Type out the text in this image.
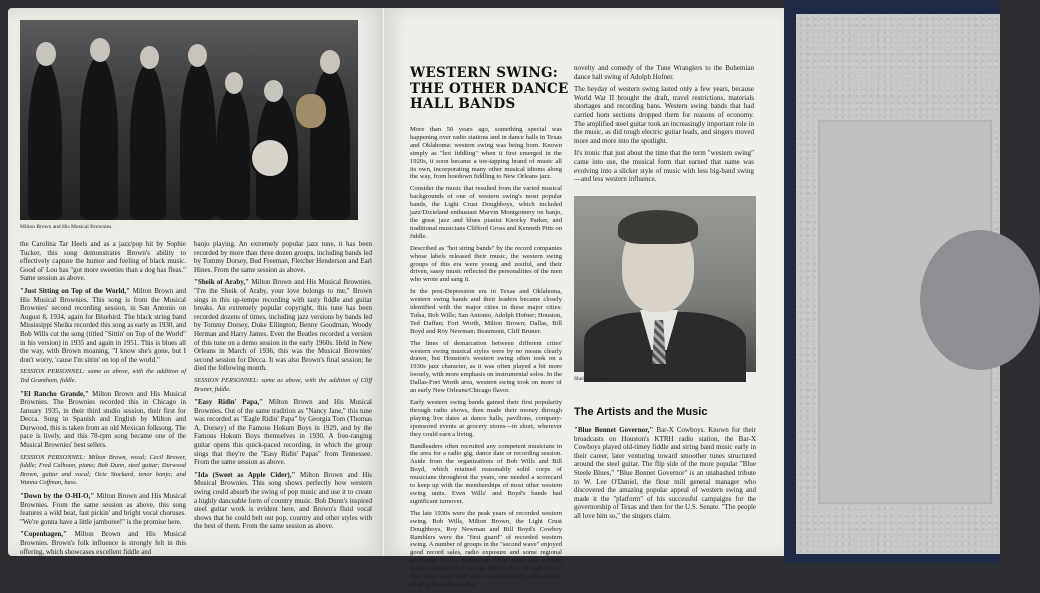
Milton Brown and His Musical Brownies.

the Carolina Tar Heels and as a jazz/pop hit by Sophie Tucker, this song demonstrates Brown's ability to effectively capture the humor and feeling of black music. Good ol' Lou has "got more sweeties than a dog has fleas." Same session as above.

"Just Sitting on Top of the World," Milton Brown and His Musical Brownies. This song is from the Musical Brownies' second recording session, in San Antonio on August 8, 1934, again for Bluebird. The black string band Mississippi Sheiks recorded this song as early as 1930, and Bob Wills cut the song (titled "Sittin' on Top of the World" in his version) in 1935 and again in 1951. This is blues all the way, with Brown moaning, "I know she's gone, but I don't worry, 'cause I'm sittin' on top of the world."

SESSION PERSONNEL: same as above, with the addition of Ted Grantham, fiddle.

"El Rancho Grande," Milton Brown and His Musical Brownies. The Brownies recorded this in Chicago in January 1935, in their third studio session, their first for Decca. Sung in Spanish and English by Milton and Durwood, this is taken from an old Mexican folksong. The pace is lively, and this 78-rpm song became one of the Musical Brownies' best sellers.

SESSION PERSONNEL: Milton Brown, vocal; Cecil Brower, fiddle; Fred Calhoun, piano; Bob Dunn, steel guitar; Durwood Brown, guitar and vocal; Ocie Stockard, tenor banjo; and Wanna Coffman, bass.

"Down by the O-HI-O," Milton Brown and His Musical Brownies. From the same session as above, this song features a wild beat, fast pickin' and bright vocal choruses. "We're gonna have a little jamboree!" is the promise here.

"Copenhagen," Milton Brown and His Musical Brownies. Brown's folk influence is strongly felt in this offering, which showcases excellent fiddle and

banjo playing. An extremely popular jazz tune, it has been recorded by more than three dozen groups, including bands led by Tommy Dorsey, Bud Freeman, Fletcher Henderson and Earl Hines. From the same session as above.

"Sheik of Araby," Milton Brown and His Musical Brownies. "I'm the Sheik of Araby, your love belongs to me," Brown sings in this up-tempo recording with tasty fiddle and guitar breaks. An extremely popular copyright, this tune has been recorded dozens of times, including jazz versions by bands led by Tommy Dorsey, Duke Ellington, Benny Goodman, Woody Herman and Harry James. Even the Beatles recorded a version of this tune on a demo session in the early 1960s. Held in New Orleans in March of 1936, this was the Musical Brownies' second session for Decca. It was also Brown's final session; he died the following month.

SESSION PERSONNEL: same as above, with the addition of Cliff Bruner, fiddle.

"Easy Ridin' Papa," Milton Brown and His Musical Brownies. Out of the same tradition as "Nancy Jane," this tune was recorded as "Eagle Ridin' Papa" by Georgia Tom (Thomas A. Dorsey) of the Famous Hokum Boys in 1929, and by the Famous Hokum Boys themselves in 1930. A free-ranging guitar opens this quick-paced recording, in which the group sings that they're the "Easy Ridin' Papas" from Tennessee. From the same session as above.

"Ida (Sweet as Apple Cider)," Milton Brown and His Musical Brownies. This song shows perfectly how western swing could absorb the swing of pop music and use it to create a highly danceable form of country music. Bob Dunn's inspired steel guitar work is evident here, and Brown's fluid vocal shows that he could belt out pop, country and other styles with the best of them. From the same session as above.

WESTERN SWING: THE OTHER DANCE HALL BANDS

More than 50 years ago, something special was happening over radio stations and in dance halls in Texas and Oklahoma: western swing was being born. Known simply as "hot fiddling" when it first emerged in the 1920s, it soon became a toe-tapping brand of music all its own, incorporating many other musical idioms along the way, from hoedown fiddling to New Orleans jazz.

Consider the music that resulted from the varied musical backgrounds of one of western swing's most popular bands, the Light Crust Doughboys, which included jazz/Dixieland enthusiast Marvin Montgomery on banjo, the great jazz and blues pianist Knocky Parker, and traditional musicians Clifford Gross and Kenneth Pitts on fiddle.

Described as "hot string bands" by the record companies whose labels released their music, the western swing groups of this era were young and zestful, and their driven, sassy music reflected the personalities of the men who wrote and sang it.

In the post-Depression era in Texas and Oklahoma, western swing bands and their leaders became closely identified with the major cities in these major cities: Tulsa, Bob Wills; San Antonio, Adolph Hofner; Houston, Ted Daffan; Fort Worth, Milton Brown; Dallas, Bill Boyd and Roy Newman; Beaumont, Cliff Bruner.

The lines of demarcation between different cities' western swing musical styles were by no means clearly drawn, but Houston's western swing often took on a 1930s jazz character, as it was often played a bit more loosely, with more emphasis on instrumental solos. In the Dallas-Fort Worth area, western swing took on more of an early New Orleans/Chicago flavor.

Early western swing bands gained their first popularity through radio shows, then made their money through playing live dates at dance halls, pavilions, company-sponsored events at grocery stores—in short, wherever they could earn a living.

Bandleaders often recruited any competent musicians in the area for a radio gig, dance date or recording session. Aside from the organizations of Bob Wills and Bill Boyd, which retained reasonably solid corps of musicians throughout the years, one needed a scorecard to keep up with the memberships of most other western swing units. Even Wills' and Boyd's bands had significant turnover.

The late 1930s were the peak years of recorded western swing. Bob Wills, Milton Brown, the Light Crust Doughboys, Roy Newman and Bill Boyd's Cowboy Ramblers were the "first guard" of recorded western swing. A number of groups in the "second wave" enjoyed good record sales, radio exposure and some regional popularity in the Southwest. They were also a more varied assortment of groups (mostly five to eight piece) than those associated with western swing's earliest days, ranging from the cowboy

novelty and comedy of the Tune Wranglers to the Bohemian dance hall swing of Adolph Hofner.

The heyday of western swing lasted only a few years, because World War II brought the draft, travel restrictions, materials shortages and recording bans. Western swing bands that had carried horn sections dropped them for reasons of economy. The amplified steel guitar took an increasingly important role in the music, as did tough electric guitar leads, and singers moved more and more into the spotlight.

It's ironic that just about the time that the term "western swing" came into use, the musical form that earned that name was evolving into a slicker style of music with less big-band swing—and less western influence.

Shelly Lee Alley
The Artists and the Music

"Blue Bonnet Governor," Bar-X Cowboys. Known for their broadcasts on Houston's KTRH radio station, the Bar-X Cowboys played old-timey fiddle and string band music early in their career, later venturing toward smoother tunes structured around the steel guitar. The flip side of the more popular "Blue Steele Blues," "Blue Bonnet Governor" is an unabashed tribute to W. Lee O'Daniel, the flour mill general manager who discovered the amazing popular appeal of western swing and made it the "platform" of his successful campaigns for the governorship of Texas and then for the U.S. Senate. "The people all love him so," the singers claim.
